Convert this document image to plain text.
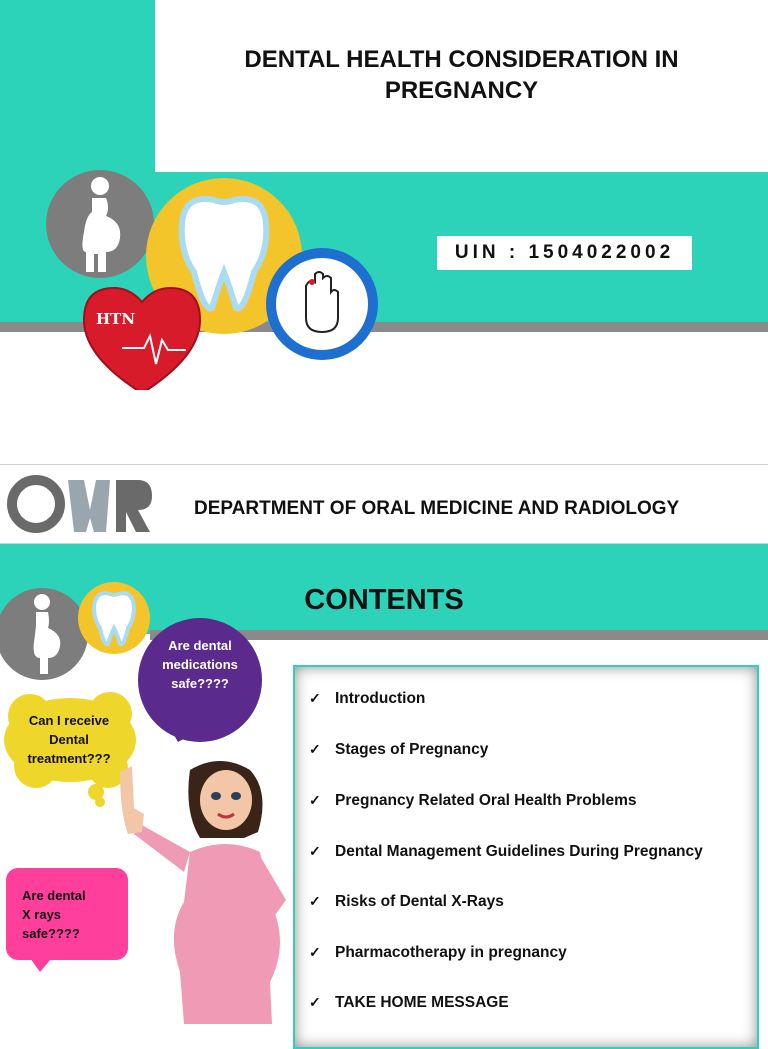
DENTAL HEALTH CONSIDERATION IN
PREGNANCY
HTN
UIN : 1504022002
DEPARTMENT OF ORAL MEDICINE AND RADIOLOGY
CONTENTS
Are dental
medications
safe????
Can I receive
Dental
treatment???
Are dental
X rays
safe????
✓ Introduction
✓ Stages of Pregnancy
✓ Pregnancy Related Oral Health Problems
✓ Dental Management Guidelines During Pregnancy
✓ Risks of Dental X-Rays
✓ Pharmacotherapy in pregnancy
✓ TAKE HOME MESSAGE
